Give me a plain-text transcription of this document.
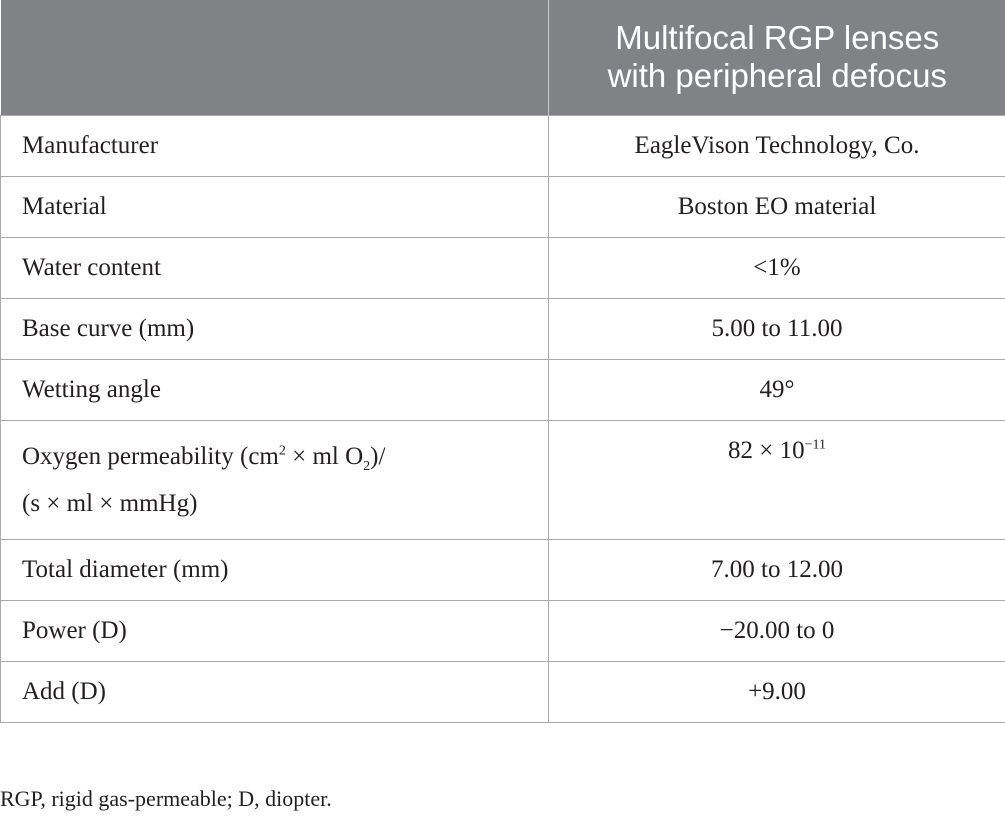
	Multifocal RGP lenses
with peripheral defocus
Manufacturer	EagleVison Technology, Co.
Material	Boston EO material
Water content	<1%
Base curve (mm)	5.00 to 11.00
Wetting angle	49°
Oxygen permeability ($cm^2$ × ml $O_2)/$
(s × ml × mmHg)	$82 \times 10^{-11}$
Total diameter (mm)	7.00 to 12.00
Power (D)	−20.00 to 0
Add (D)	+9.00

RGP, rigid gas-permeable; D, diopter.
